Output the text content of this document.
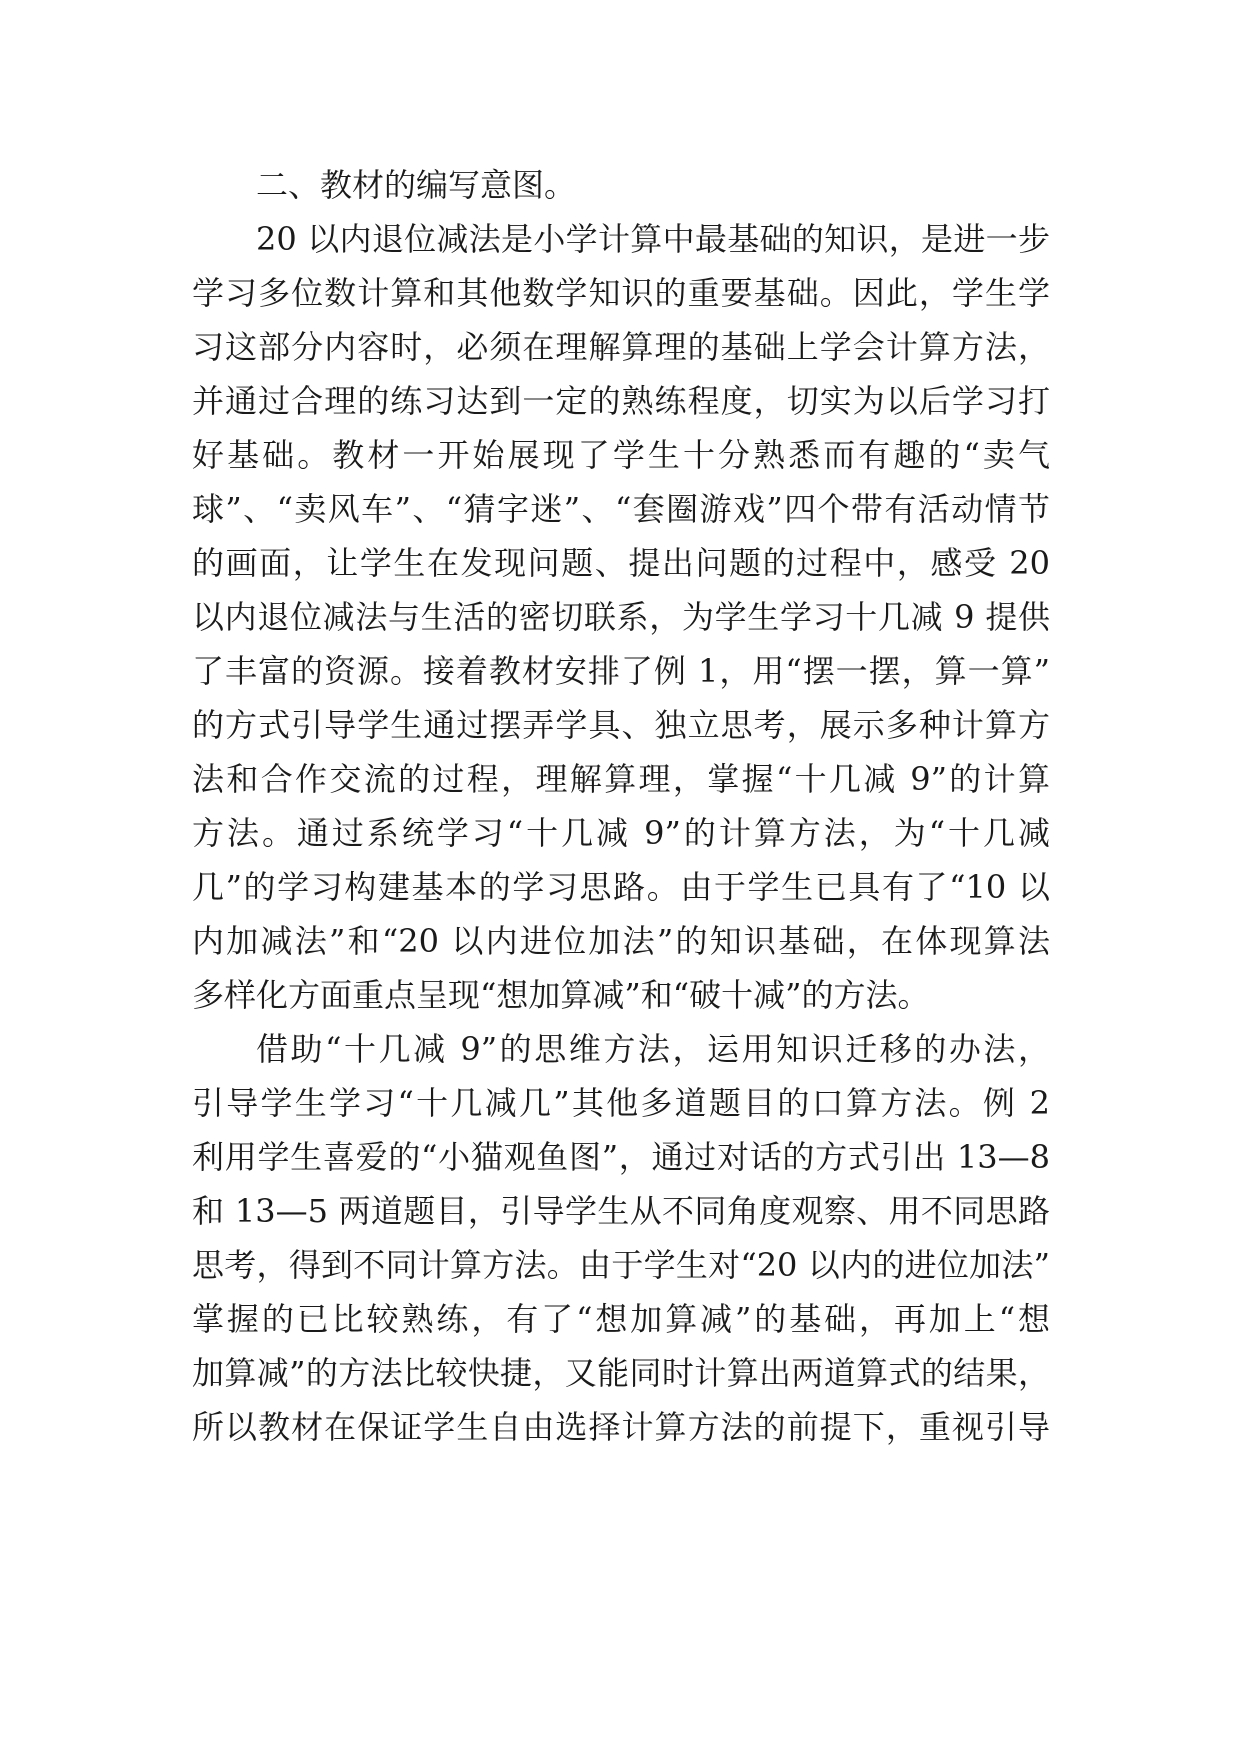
二、教材的编写意图。
20 以内退位减法是小学计算中最基础的知识，是进一步
学习多位数计算和其他数学知识的重要基础。因此，学生学
习这部分内容时，必须在理解算理的基础上学会计算方法，
并通过合理的练习达到一定的熟练程度，切实为以后学习打
好基础。教材一开始展现了学生十分熟悉而有趣的“卖气
球”、“卖风车”、“猜字迷”、“套圈游戏”四个带有活动情节
的画面，让学生在发现问题、提出问题的过程中，感受 20
以内退位减法与生活的密切联系，为学生学习十几减 9 提供
了丰富的资源。接着教材安排了例 1，用“摆一摆，算一算”
的方式引导学生通过摆弄学具、独立思考，展示多种计算方
法和合作交流的过程，理解算理，掌握“十几减 9”的计算
方法。通过系统学习“十几减 9”的计算方法，为“十几减
几”的学习构建基本的学习思路。由于学生已具有了“10 以
内加减法”和“20 以内进位加法”的知识基础，在体现算法
多样化方面重点呈现“想加算减”和“破十减”的方法。
借助“十几减 9”的思维方法，运用知识迁移的办法，
引导学生学习“十几减几”其他多道题目的口算方法。例 2
利用学生喜爱的“小猫观鱼图”，通过对话的方式引出 13—8
和 13—5 两道题目，引导学生从不同角度观察、用不同思路
思考，得到不同计算方法。由于学生对“20 以内的进位加法”
掌握的已比较熟练，有了“想加算减”的基础，再加上“想
加算减”的方法比较快捷，又能同时计算出两道算式的结果，
所以教材在保证学生自由选择计算方法的前提下，重视引导
